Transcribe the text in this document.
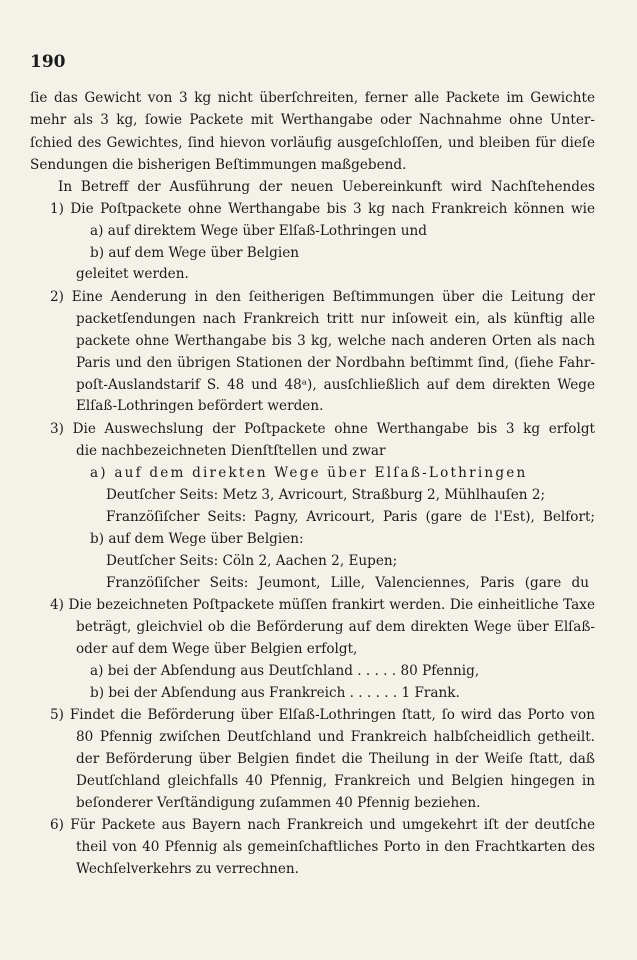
190
ſie das Gewicht von 3 kg nicht überſchreiten, ferner alle Packete im Gewichte
mehr als 3 kg, ſowie Packete mit Werthangabe oder Nachnahme ohne Unter-
ſchied des Gewichtes, ſind hievon vorläufig ausgeſchloſſen, und bleiben für dieſe
Sendungen die bisherigen Beſtimmungen maßgebend.
In Betreff der Ausführung der neuen Uebereinkunft wird Nachſtehendes
1) Die Poſtpackete ohne Werthangabe bis 3 kg nach Frankreich können wie
a) auf direktem Wege über Elſaß-Lothringen und
b) auf dem Wege über Belgien
geleitet werden.
2) Eine Aenderung in den ſeitherigen Beſtimmungen über die Leitung der
packetſendungen nach Frankreich tritt nur inſoweit ein, als künftig alle
packete ohne Werthangabe bis 3 kg, welche nach anderen Orten als nach
Paris und den übrigen Stationen der Nordbahn beſtimmt ſind, (ſiehe Fahr-
poſt-Auslandstarif S. 48 und 48ᵃ), ausſchließlich auf dem direkten Wege
Elſaß-Lothringen befördert werden.
3) Die Auswechslung der Poſtpackete ohne Werthangabe bis 3 kg erfolgt
die nachbezeichneten Dienſtſtellen und zwar
a) auf dem direkten Wege über Elſaß-Lothringen
Deutſcher Seits: Metz 3, Avricourt, Straßburg 2, Mühlhauſen 2;
Franzöſiſcher Seits: Pagny, Avricourt, Paris (gare de l'Est), Belfort;
b) auf dem Wege über Belgien:
Deutſcher Seits: Cöln 2, Aachen 2, Eupen;
Franzöſiſcher Seits: Jeumont, Lille, Valenciennes, Paris (gare du
4) Die bezeichneten Poſtpackete müſſen frankirt werden. Die einheitliche Taxe
beträgt, gleichviel ob die Beförderung auf dem direkten Wege über Elſaß-
oder auf dem Wege über Belgien erfolgt,
a) bei der Abſendung aus Deutſchland . . . . . 80 Pfennig,
b) bei der Abſendung aus Frankreich . . . . . . 1 Frank.
5) Findet die Beförderung über Elſaß-Lothringen ſtatt, ſo wird das Porto von
80 Pfennig zwiſchen Deutſchland und Frankreich halbſcheidlich getheilt.
der Beförderung über Belgien findet die Theilung in der Weiſe ſtatt, daß
Deutſchland gleichfalls 40 Pfennig, Frankreich und Belgien hingegen in
beſonderer Verſtändigung zuſammen 40 Pfennig beziehen.
6) Für Packete aus Bayern nach Frankreich und umgekehrt iſt der deutſche
theil von 40 Pfennig als gemeinſchaftliches Porto in den Frachtkarten des
Wechſelverkehrs zu verrechnen.
